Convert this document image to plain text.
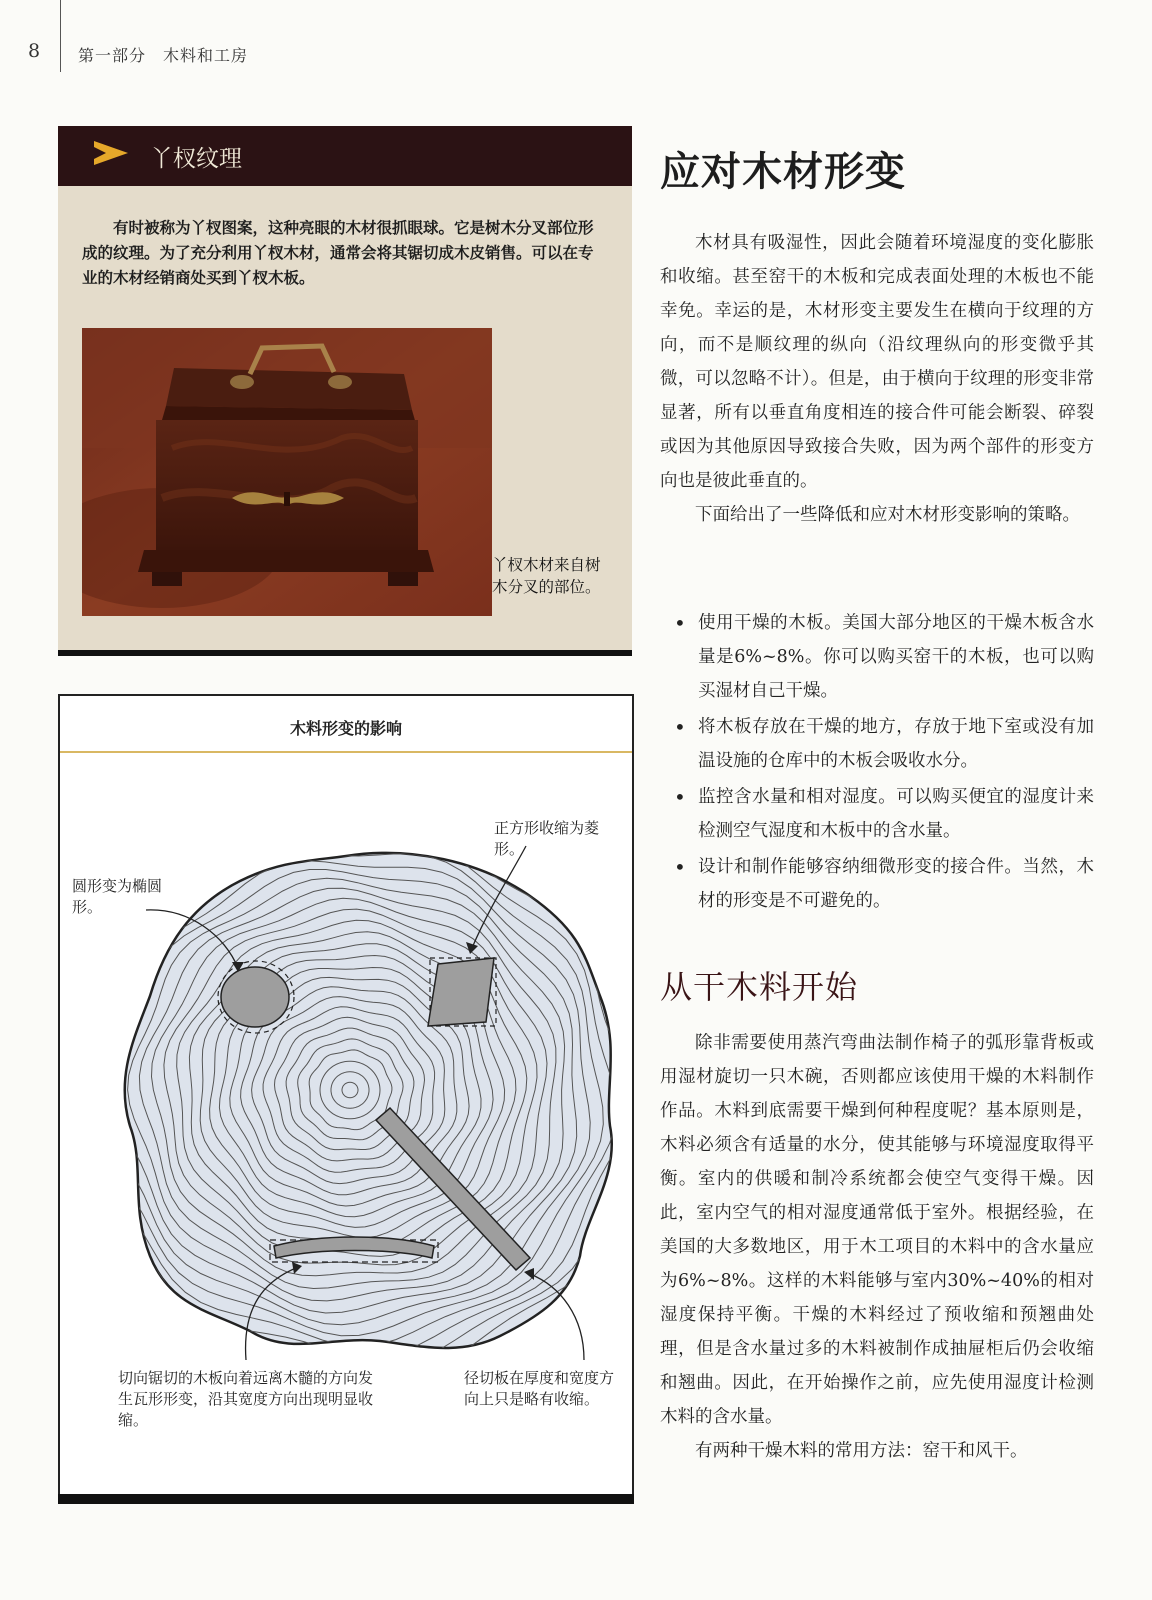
8 第一部分　木料和工房
丫杈纹理
有时被称为丫杈图案，这种亮眼的木材很抓眼球。它是树木分叉部位形成的纹理。为了充分利用丫杈木材，通常会将其锯切成木皮销售。可以在专业的木材经销商处买到丫杈木板。
丫杈木材来自树木分叉的部位。
木料形变的影响
正方形收缩为菱形。
圆形变为椭圆形。
切向锯切的木板向着远离木髓的方向发生瓦形形变，沿其宽度方向出现明显收缩。
径切板在厚度和宽度方向上只是略有收缩。
应对木材形变

木材具有吸湿性，因此会随着环境湿度的变化膨胀和收缩。甚至窑干的木板和完成表面处理的木板也不能幸免。幸运的是，木材形变主要发生在横向于纹理的方向，而不是顺纹理的纵向（沿纹理纵向的形变微乎其微，可以忽略不计）。但是，由于横向于纹理的形变非常显著，所有以垂直角度相连的接合件可能会断裂、碎裂或因为其他原因导致接合失败，因为两个部件的形变方向也是彼此垂直的。

下面给出了一些降低和应对木材形变影响的策略。

• 使用干燥的木板。美国大部分地区的干燥木板含水量是6%~8%。你可以购买窑干的木板，也可以购买湿材自己干燥。
• 将木板存放在干燥的地方，存放于地下室或没有加温设施的仓库中的木板会吸收水分。
• 监控含水量和相对湿度。可以购买便宜的湿度计来检测空气湿度和木板中的含水量。
• 设计和制作能够容纳细微形变的接合件。当然，木材的形变是不可避免的。
从干木料开始

除非需要使用蒸汽弯曲法制作椅子的弧形靠背板或用湿材旋切一只木碗，否则都应该使用干燥的木料制作作品。木料到底需要干燥到何种程度呢？基本原则是，木料必须含有适量的水分，使其能够与环境湿度取得平衡。室内的供暖和制冷系统都会使空气变得干燥。因此，室内空气的相对湿度通常低于室外。根据经验，在美国的大多数地区，用于木工项目的木料中的含水量应为6%~8%。这样的木料能够与室内30%~40%的相对湿度保持平衡。干燥的木料经过了预收缩和预翘曲处理，但是含水量过多的木料被制作成抽屉柜后仍会收缩和翘曲。因此，在开始操作之前，应先使用湿度计检测木料的含水量。

有两种干燥木料的常用方法：窑干和风干。
